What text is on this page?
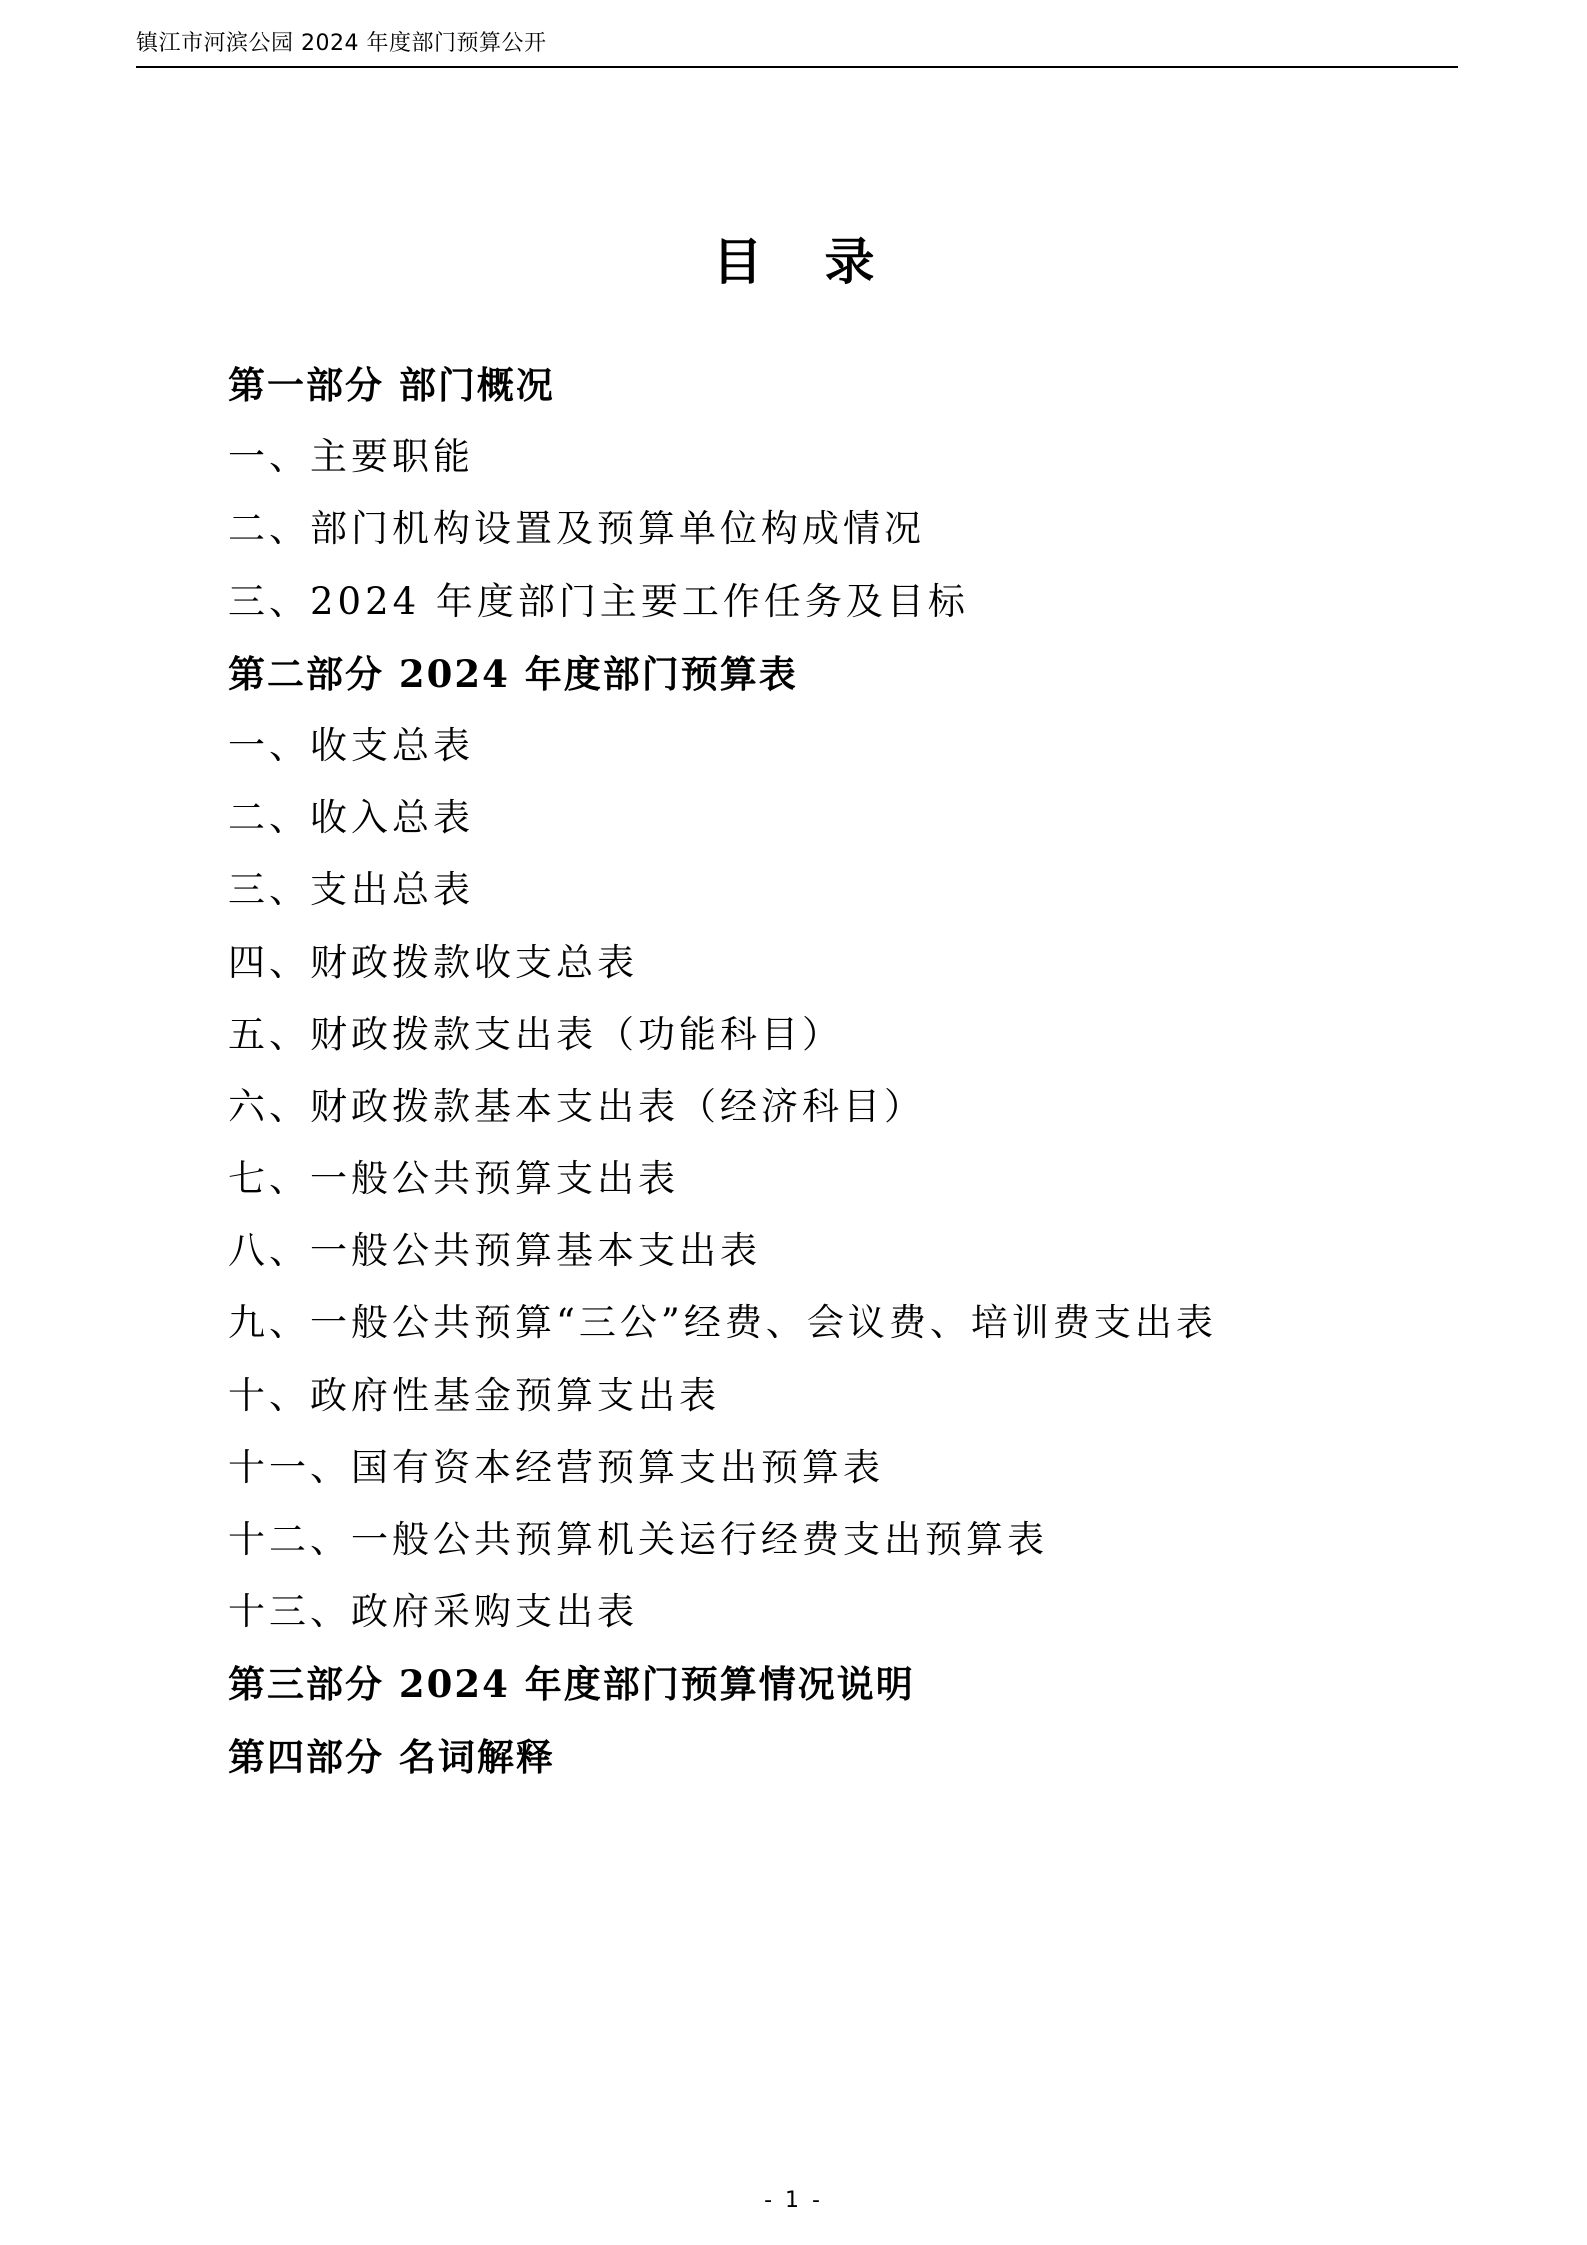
镇江市河滨公园 2024 年度部门预算公开
目录
第一部分 部门概况
一、主要职能
二、部门机构设置及预算单位构成情况
三、2024 年度部门主要工作任务及目标
第二部分 2024 年度部门预算表
一、收支总表
二、收入总表
三、支出总表
四、财政拨款收支总表
五、财政拨款支出表（功能科目）
六、财政拨款基本支出表（经济科目）
七、一般公共预算支出表
八、一般公共预算基本支出表
九、一般公共预算“三公”经费、会议费、培训费支出表
十、政府性基金预算支出表
十一、国有资本经营预算支出预算表
十二、一般公共预算机关运行经费支出预算表
十三、政府采购支出表
第三部分 2024 年度部门预算情况说明
第四部分 名词解释
- 1 -
